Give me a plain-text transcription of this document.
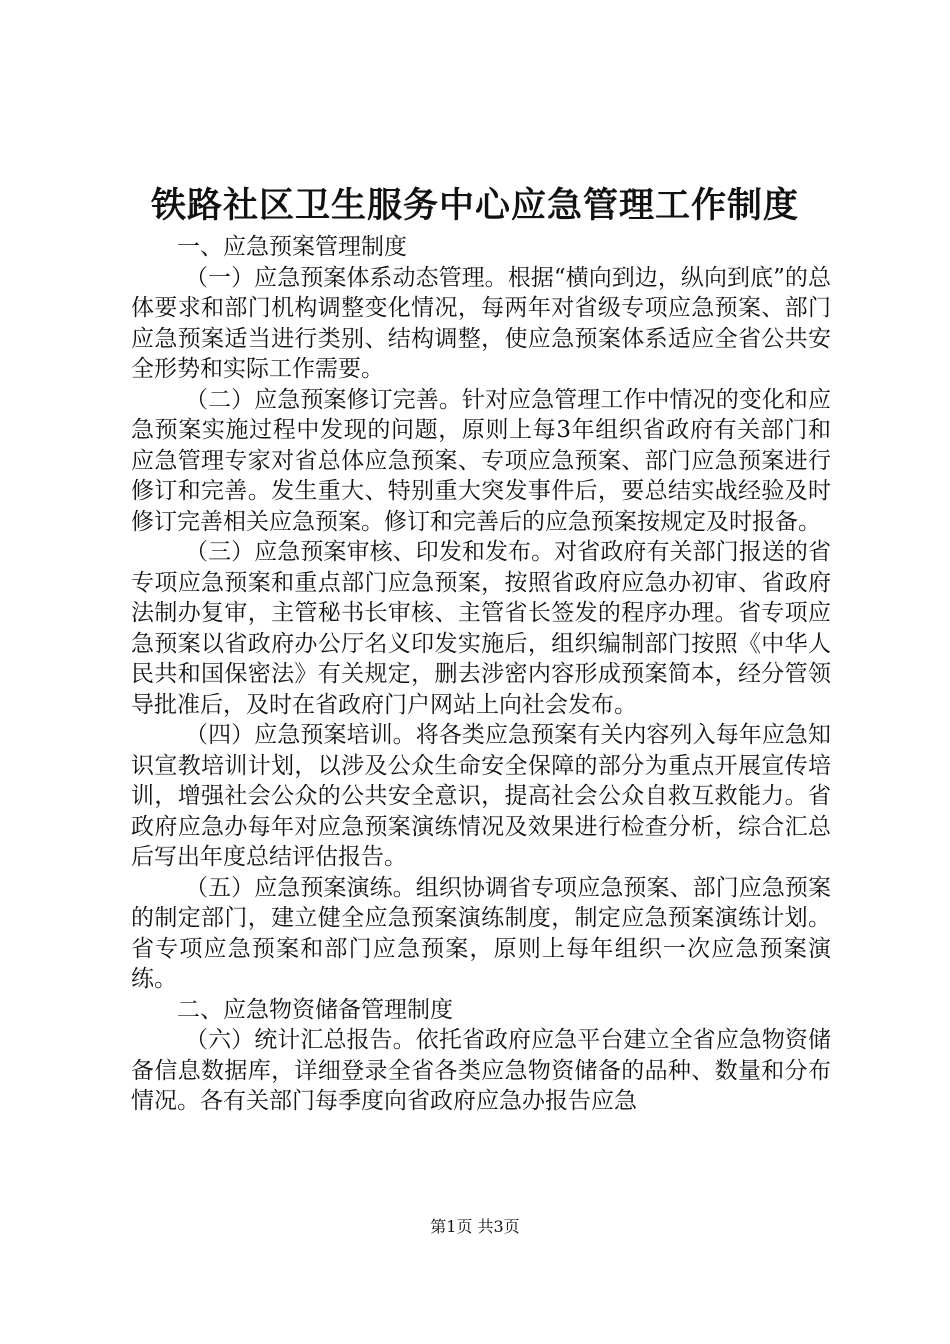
铁路社区卫生服务中心应急管理工作制度

一、应急预案管理制度

（一）应急预案体系动态管理。根据“横向到边，纵向到底”的总体要求和部门机构调整变化情况，每两年对省级专项应急预案、部门应急预案适当进行类别、结构调整，使应急预案体系适应全省公共安全形势和实际工作需要。

（二）应急预案修订完善。针对应急管理工作中情况的变化和应急预案实施过程中发现的问题，原则上每3年组织省政府有关部门和应急管理专家对省总体应急预案、专项应急预案、部门应急预案进行修订和完善。发生重大、特别重大突发事件后，要总结实战经验及时修订完善相关应急预案。修订和完善后的应急预案按规定及时报备。

（三）应急预案审核、印发和发布。对省政府有关部门报送的省专项应急预案和重点部门应急预案，按照省政府应急办初审、省政府法制办复审，主管秘书长审核、主管省长签发的程序办理。省专项应急预案以省政府办公厅名义印发实施后，组织编制部门按照《中华人民共和国保密法》有关规定，删去涉密内容形成预案简本，经分管领导批准后，及时在省政府门户网站上向社会发布。

（四）应急预案培训。将各类应急预案有关内容列入每年应急知识宣教培训计划，以涉及公众生命安全保障的部分为重点开展宣传培训，增强社会公众的公共安全意识，提高社会公众自救互救能力。省政府应急办每年对应急预案演练情况及效果进行检查分析，综合汇总后写出年度总结评估报告。

（五）应急预案演练。组织协调省专项应急预案、部门应急预案的制定部门，建立健全应急预案演练制度，制定应急预案演练计划。省专项应急预案和部门应急预案，原则上每年组织一次应急预案演练。

二、应急物资储备管理制度

（六）统计汇总报告。依托省政府应急平台建立全省应急物资储备信息数据库，详细登录全省各类应急物资储备的品种、数量和分布情况。各有关部门每季度向省政府应急办报告应急

第1页 共3页
